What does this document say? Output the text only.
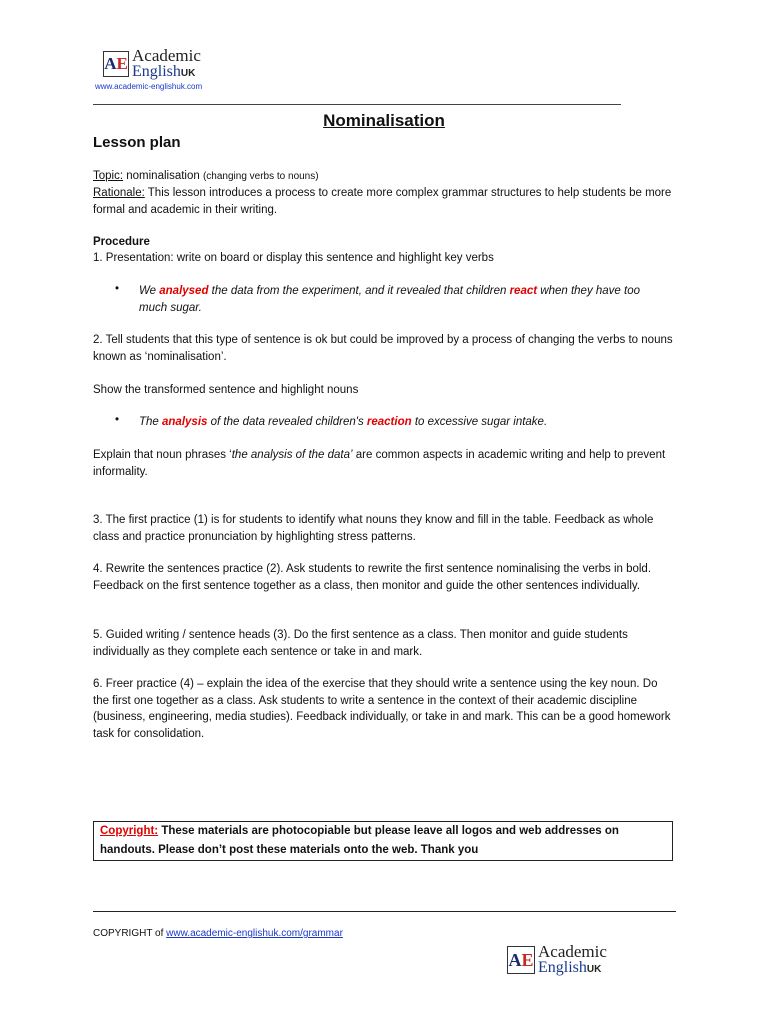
A E Academic
EnglishUK
www.academic-englishuk.com
Nominalisation
Lesson plan
Topic: nominalisation (changing verbs to nouns)
Rationale: This lesson introduces a process to create more complex grammar structures to help students be more formal and academic in their writing.
Procedure
1. Presentation: write on board or display this sentence and highlight key verbs
• We analysed the data from the experiment, and it revealed that children react when they have too much sugar.
2. Tell students that this type of sentence is ok but could be improved by a process of changing the verbs to nouns known as ‘nominalisation’.
Show the transformed sentence and highlight nouns
• The analysis of the data revealed children's reaction to excessive sugar intake.
Explain that noun phrases ‘the analysis of the data’ are common aspects in academic writing and help to prevent informality.
3. The first practice (1) is for students to identify what nouns they know and fill in the table. Feedback as whole class and practice pronunciation by highlighting stress patterns.
4. Rewrite the sentences practice (2). Ask students to rewrite the first sentence nominalising the verbs in bold. Feedback on the first sentence together as a class, then monitor and guide the other sentences individually.
5. Guided writing / sentence heads (3). Do the first sentence as a class. Then monitor and guide students individually as they complete each sentence or take in and mark.
6. Freer practice (4) – explain the idea of the exercise that they should write a sentence using the key noun. Do the first one together as a class. Ask students to write a sentence in the context of their academic discipline (business, engineering, media studies). Feedback individually, or take in and mark. This can be a good homework task for consolidation.
Copyright: These materials are photocopiable but please leave all logos and web addresses on handouts. Please don’t post these materials onto the web. Thank you
COPYRIGHT of www.academic-englishuk.com/grammar
A E Academic
EnglishUK
